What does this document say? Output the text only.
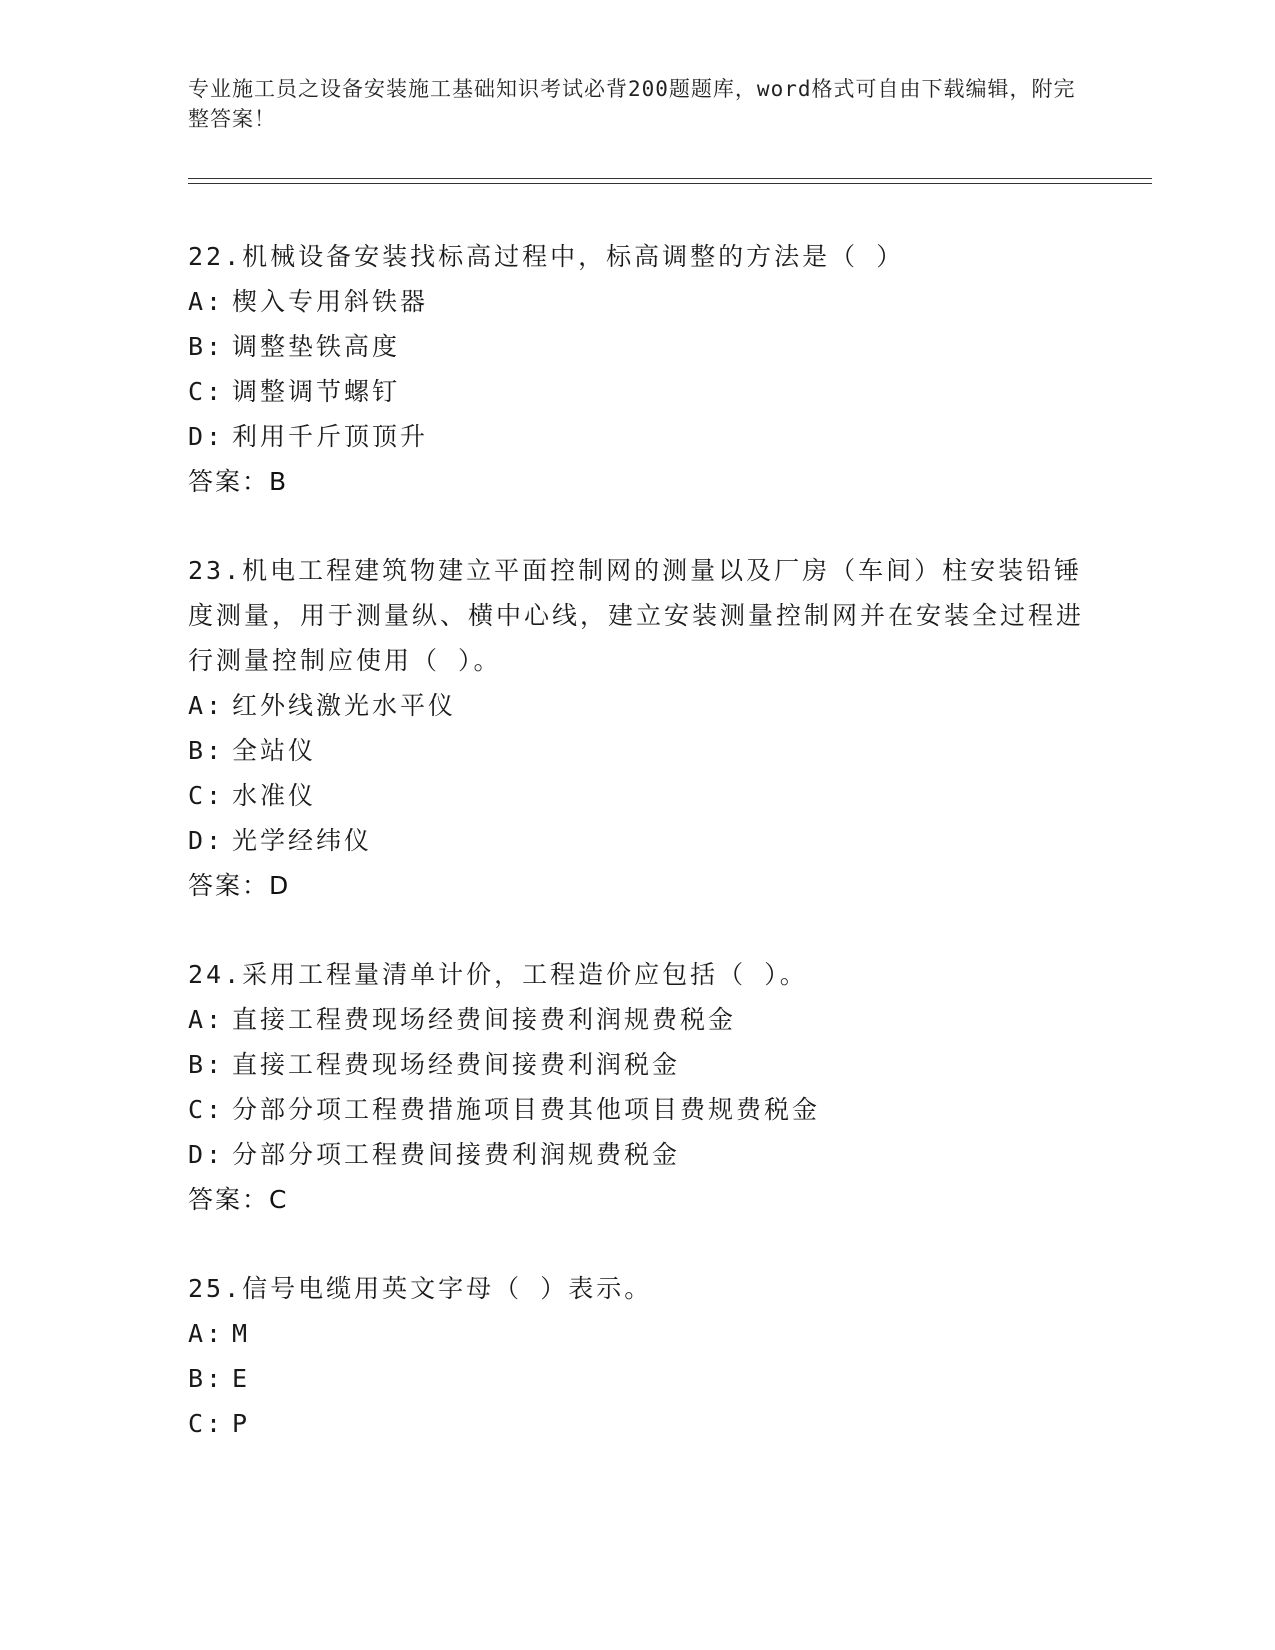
专业施工员之设备安装施工基础知识考试必背200题题库，word格式可自由下载编辑，附完整答案！

22.机械设备安装找标高过程中，标高调整的方法是（ ）

A: 楔入专用斜铁器

B: 调整垫铁高度

C: 调整调节螺钉

D: 利用千斤顶顶升

答案：B

23.机电工程建筑物建立平面控制网的测量以及厂房（车间）柱安装铅锤度测量，用于测量纵、横中心线，建立安装测量控制网并在安装全过程进行测量控制应使用（ ）。

A: 红外线激光水平仪

B: 全站仪

C: 水准仪

D: 光学经纬仪

答案：D

24.采用工程量清单计价，工程造价应包括（ ）。

A: 直接工程费现场经费间接费利润规费税金

B: 直接工程费现场经费间接费利润税金

C: 分部分项工程费措施项目费其他项目费规费税金

D: 分部分项工程费间接费利润规费税金

答案：C

25.信号电缆用英文字母（ ）表示。

A: M

B: E

C: P
